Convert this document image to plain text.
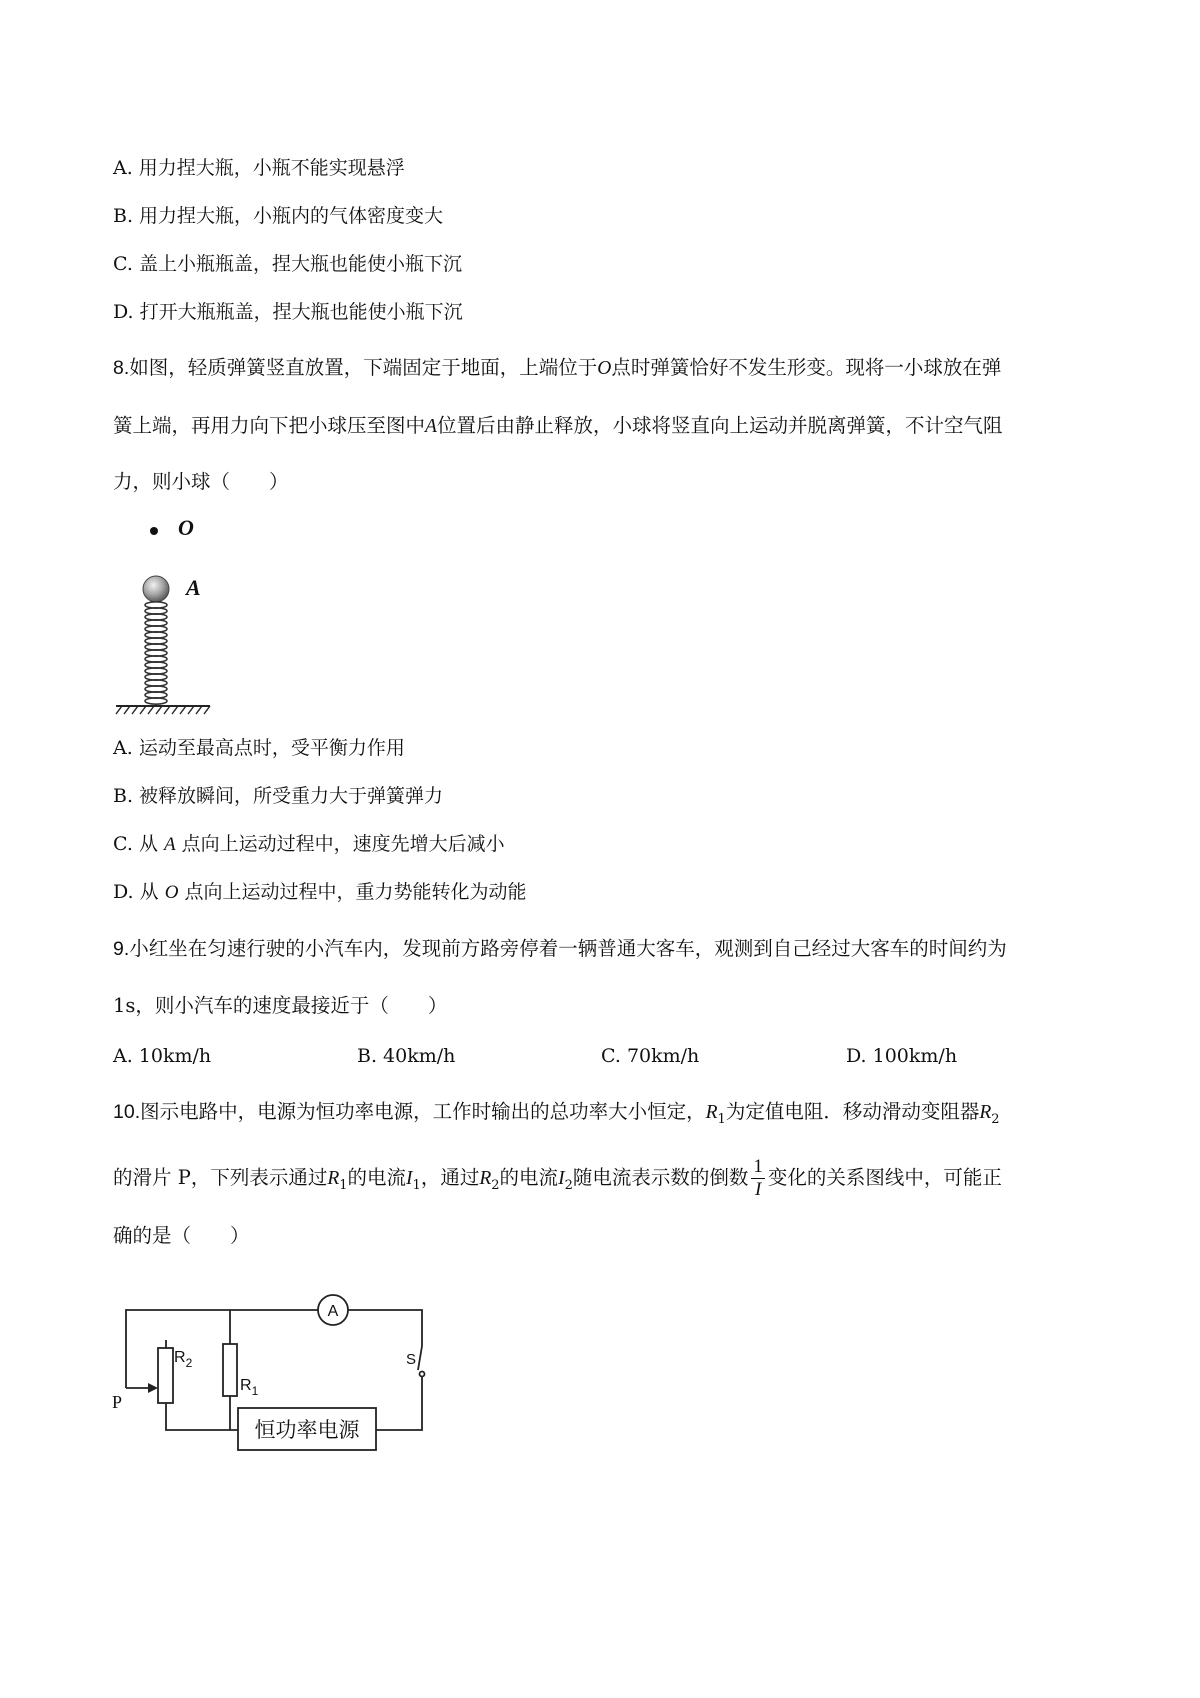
A. 用力捏大瓶，小瓶不能实现悬浮
B. 用力捏大瓶，小瓶内的气体密度变大
C. 盖上小瓶瓶盖，捏大瓶也能使小瓶下沉
D. 打开大瓶瓶盖，捏大瓶也能使小瓶下沉
8.如图，轻质弹簧竖直放置，下端固定于地面，上端位于O点时弹簧恰好不发生形变。现将一小球放在弹
簧上端，再用力向下把小球压至图中A位置后由静止释放，小球将竖直向上运动并脱离弹簧，不计空气阻
力，则小球（　　）
O
A
A. 运动至最高点时，受平衡力作用
B. 被释放瞬间，所受重力大于弹簧弹力
C. 从 A 点向上运动过程中，速度先增大后减小
D. 从 O 点向上运动过程中，重力势能转化为动能
9.小红坐在匀速行驶的小汽车内，发现前方路旁停着一辆普通大客车，观测到自己经过大客车的时间约为
1s，则小汽车的速度最接近于（　　）
A. 10km/h	B. 40km/h	C. 70km/h	D. 100km/h
10.图示电路中，电源为恒功率电源，工作时输出的总功率大小恒定，$R_1$为定值电阻．移动滑动变阻器$R_2$
的滑片 P，下列表示通过$R_1$的电流$I_1$，通过$R_2$的电流$I_2$随电流表示数的倒数 $\frac{1}{I}$ 变化的关系图线中，可能正
确的是（　　）
A
$R_2$
$R_1$
P
S
恒功率电源
